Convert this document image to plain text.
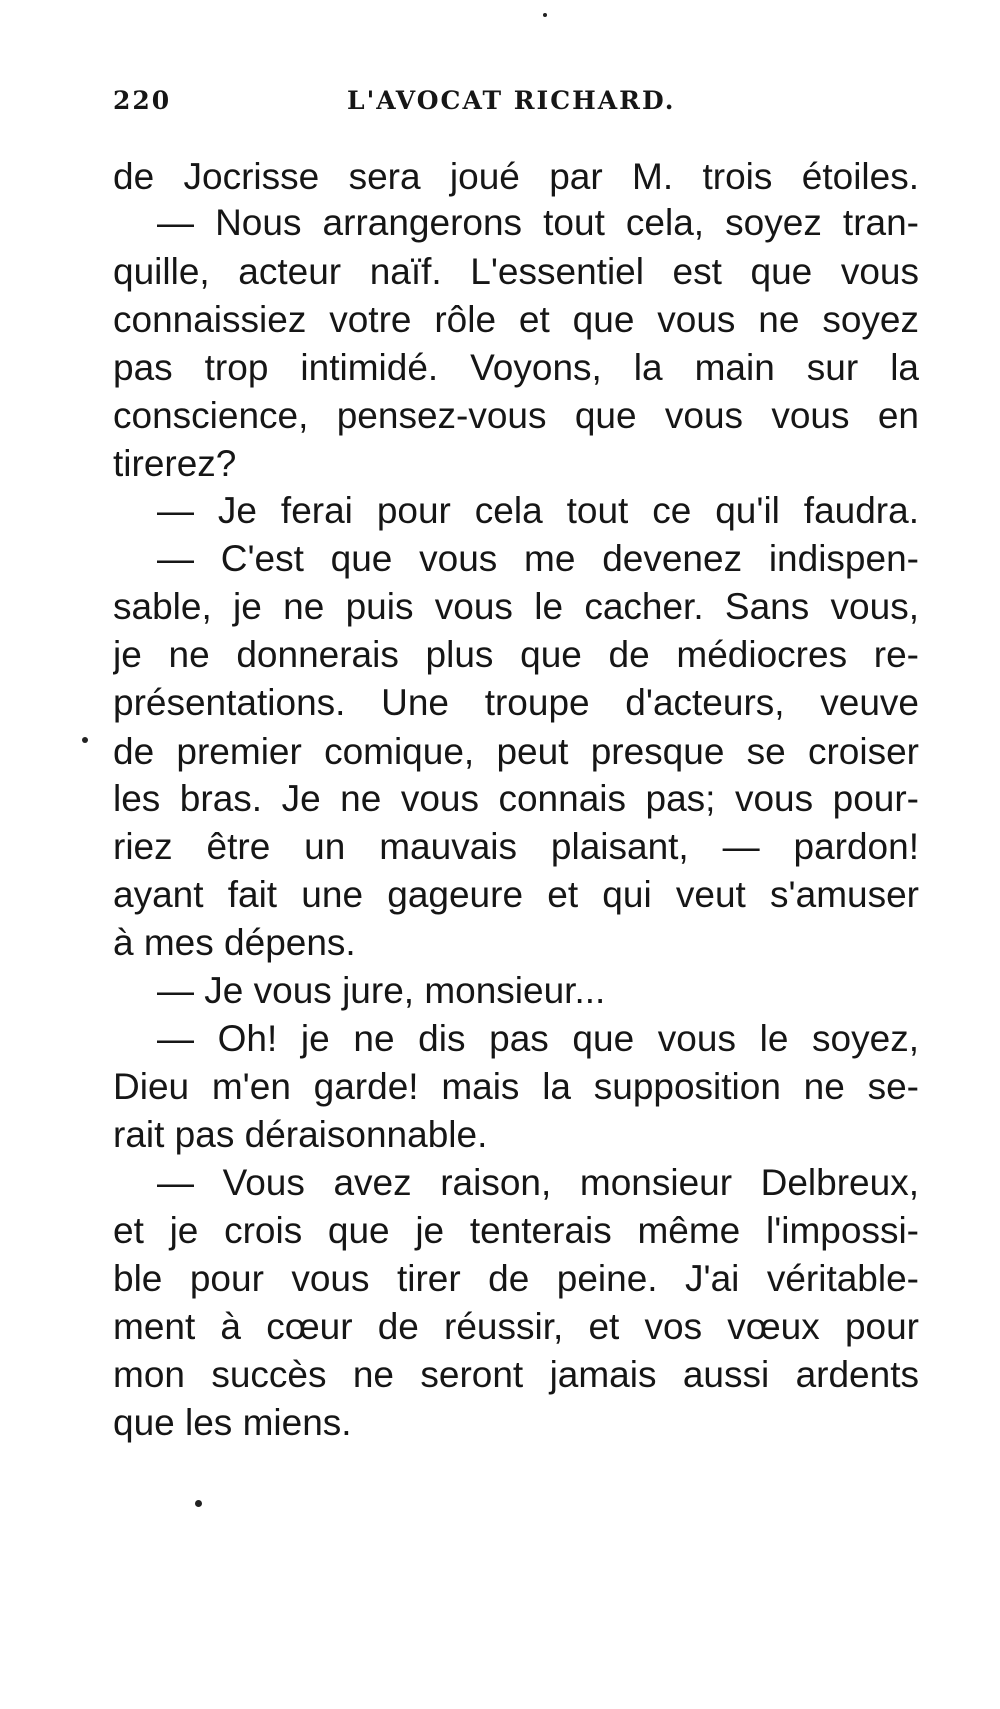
220	L'AVOCAT RICHARD.
de Jocrisse sera joué par M. trois étoiles.
— Nous arrangerons tout cela, soyez tran-
quille, acteur naïf. L'essentiel est que vous
connaissiez votre rôle et que vous ne soyez
pas trop intimidé. Voyons, la main sur la
conscience, pensez-vous que vous vous en
tirerez?
— Je ferai pour cela tout ce qu'il faudra.
— C'est que vous me devenez indispen-
sable, je ne puis vous le cacher. Sans vous,
je ne donnerais plus que de médiocres re-
présentations. Une troupe d'acteurs, veuve
de premier comique, peut presque se croiser
les bras. Je ne vous connais pas; vous pour-
riez être un mauvais plaisant, — pardon!
ayant fait une gageure et qui veut s'amuser
à mes dépens.
— Je vous jure, monsieur...
— Oh! je ne dis pas que vous le soyez,
Dieu m'en garde! mais la supposition ne se-
rait pas déraisonnable.
— Vous avez raison, monsieur Delbreux,
et je crois que je tenterais même l'impossi-
ble pour vous tirer de peine. J'ai véritable-
ment à cœur de réussir, et vos vœux pour
mon succès ne seront jamais aussi ardents
que les miens.
